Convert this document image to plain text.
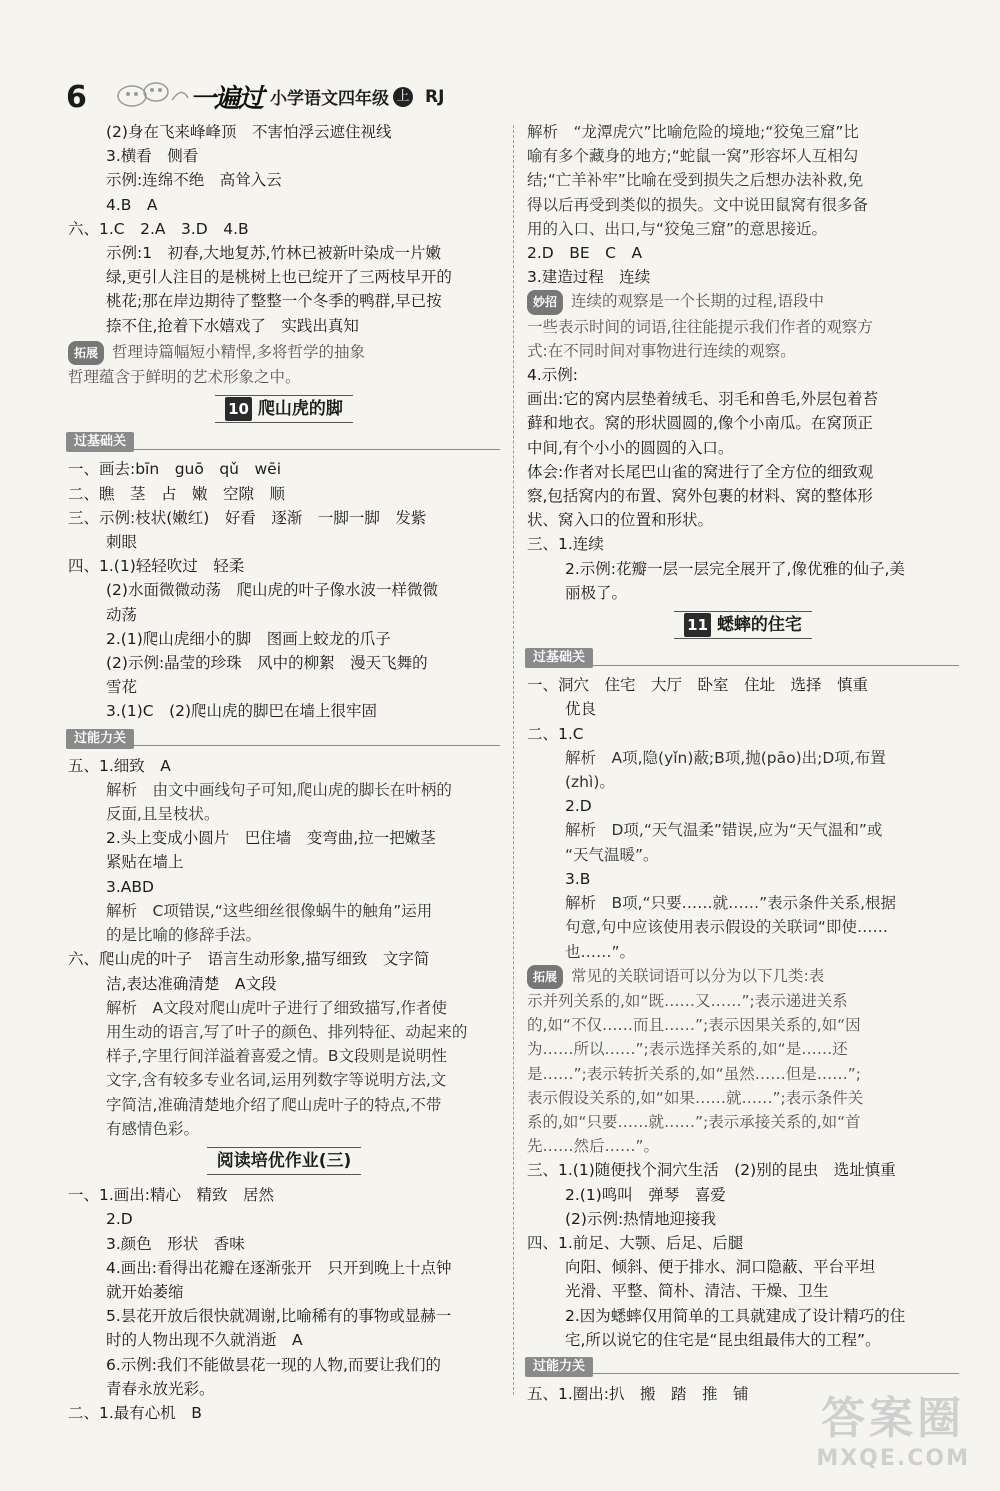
6	一遍过 小学语文四年级 上 RJ
(2)身在飞来峰峰顶　不害怕浮云遮住视线
3.横看　侧看
示例:连绵不绝　高耸入云
4.B　A
六、1.C　2.A　3.D　4.B
示例:1　初春,大地复苏,竹林已被新叶染成一片嫩
绿,更引人注目的是桃树上也已绽开了三两枝早开的
桃花;那在岸边期待了整整一个冬季的鸭群,早已按
捺不住,抢着下水嬉戏了　实践出真知
拓展 哲理诗篇幅短小精悍,多将哲学的抽象
哲理蕴含于鲜明的艺术形象之中。
10 爬山虎的脚
过基础关
一、画去:bīn　guō　qǔ　wēi
二、瞧　茎　占　嫩　空隙　顺
三、示例:枝状(嫩红)　好看　逐渐　一脚一脚　发紫
刺眼
四、1.(1)轻轻吹过　轻柔
(2)水面微微动荡　爬山虎的叶子像水波一样微微
动荡
2.(1)爬山虎细小的脚　图画上蛟龙的爪子
(2)示例:晶莹的珍珠　风中的柳絮　漫天飞舞的
雪花
3.(1)C　(2)爬山虎的脚巴在墙上很牢固
过能力关
五、1.细致　A
解析　由文中画线句子可知,爬山虎的脚长在叶柄的
反面,且呈枝状。
2.头上变成小圆片　巴住墙　变弯曲,拉一把嫩茎
紧贴在墙上
3.ABD
解析　C项错误,“这些细丝很像蜗牛的触角”运用
的是比喻的修辞手法。
六、爬山虎的叶子　语言生动形象,描写细致　文字简
洁,表达准确清楚　A文段
解析　A文段对爬山虎叶子进行了细致描写,作者使
用生动的语言,写了叶子的颜色、排列特征、动起来的
样子,字里行间洋溢着喜爱之情。B文段则是说明性
文字,含有较多专业名词,运用列数字等说明方法,文
字简洁,准确清楚地介绍了爬山虎叶子的特点,不带
有感情色彩。
阅读培优作业(三)
一、1.画出:精心　精致　居然
2.D
3.颜色　形状　香味
4.画出:看得出花瓣在逐渐张开　只开到晚上十点钟
就开始萎缩
5.昙花开放后很快就凋谢,比喻稀有的事物或显赫一
时的人物出现不久就消逝　A
6.示例:我们不能做昙花一现的人物,而要让我们的
青春永放光彩。
二、1.最有心机　B
解析　“龙潭虎穴”比喻危险的境地;“狡兔三窟”比
喻有多个藏身的地方;“蛇鼠一窝”形容坏人互相勾
结;“亡羊补牢”比喻在受到损失之后想办法补救,免
得以后再受到类似的损失。文中说田鼠窝有很多备
用的入口、出口,与“狡兔三窟”的意思接近。
2.D　BE　C　A
3.建造过程　连续
妙招 连续的观察是一个长期的过程,语段中
一些表示时间的词语,往往能提示我们作者的观察方
式:在不同时间对事物进行连续的观察。
4.示例:
画出:它的窝内层垫着绒毛、羽毛和兽毛,外层包着苔
藓和地衣。窝的形状圆圆的,像个小南瓜。在窝顶正
中间,有个小小的圆圆的入口。
体会:作者对长尾巴山雀的窝进行了全方位的细致观
察,包括窝内的布置、窝外包裹的材料、窝的整体形
状、窝入口的位置和形状。
三、1.连续
2.示例:花瓣一层一层完全展开了,像优雅的仙子,美
丽极了。
11 蟋蟀的住宅
过基础关
一、洞穴　住宅　大厅　卧室　住址　选择　慎重
优良
二、1.C
解析　A项,隐(yǐn)蔽;B项,抛(pāo)出;D项,布置
(zhì)。
2.D
解析　D项,“天气温柔”错误,应为“天气温和”或
“天气温暖”。
3.B
解析　B项,“只要……就……”表示条件关系,根据
句意,句中应该使用表示假设的关联词“即使……
也……”。
拓展 常见的关联词语可以分为以下几类:表
示并列关系的,如“既……又……”;表示递进关系
的,如“不仅……而且……”;表示因果关系的,如“因
为……所以……”;表示选择关系的,如“是……还
是……”;表示转折关系的,如“虽然……但是……”;
表示假设关系的,如“如果……就……”;表示条件关
系的,如“只要……就……”;表示承接关系的,如“首
先……然后……”。
三、1.(1)随便找个洞穴生活　(2)别的昆虫　选址慎重
2.(1)鸣叫　弹琴　喜爱
(2)示例:热情地迎接我
四、1.前足、大颚、后足、后腿
向阳、倾斜、便于排水、洞口隐蔽、平台平坦
光滑、平整、简朴、清洁、干燥、卫生
2.因为蟋蟀仅用简单的工具就建成了设计精巧的住
宅,所以说它的住宅是“昆虫组最伟大的工程”。
过能力关
五、1.圈出:扒　搬　踏　推　铺	答案圈
MXQE.COM
